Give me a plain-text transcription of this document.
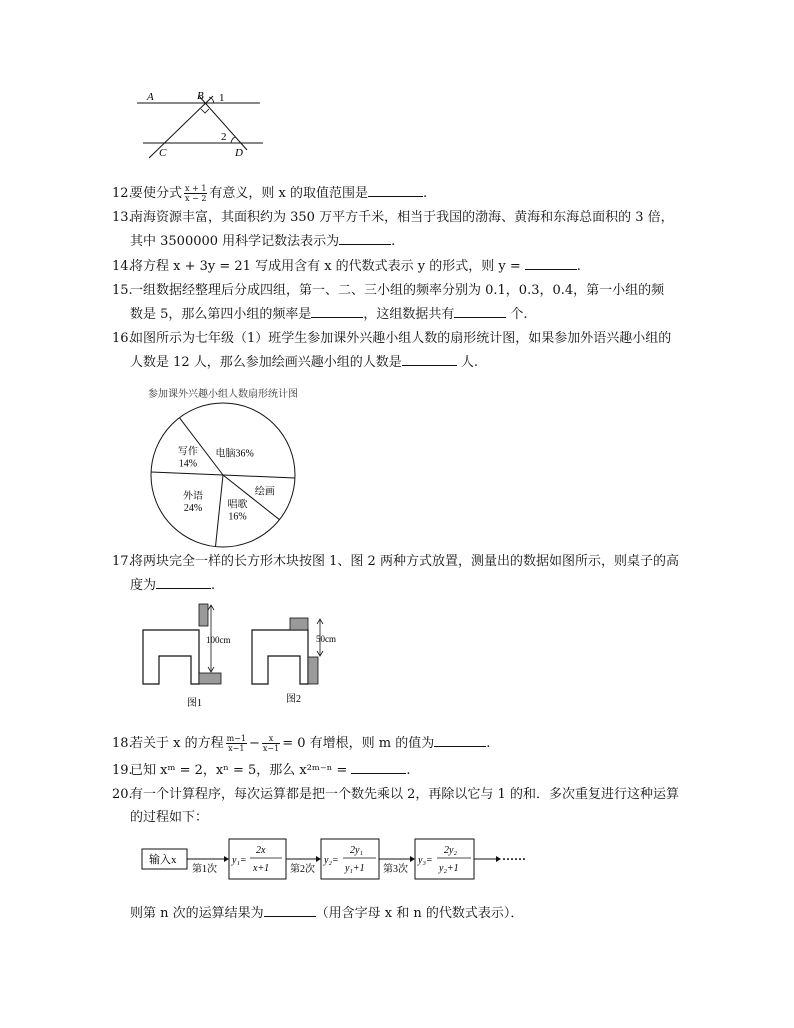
A	B 1
2
C	D
12.要使分式 $\frac{x + 1}{x - 2}$ 有意义，则 x 的取值范围是	.
13.南海资源丰富，其面积约为 350 万平方千米，相当于我国的渤海、黄海和东海总面积的 3 倍，
其中 3500000 用科学记数法表示为	.
14.将方程 x + 3y = 21 写成用含有 x 的代数式表示 y 的形式，则 y =	.
15.一组数据经整理后分成四组，第一、二、三小组的频率分别为 0.1，0.3，0.4，第一小组的频
数是 5，那么第四小组的频率是	，这组数据共有	个.
16.如图所示为七年级（1）班学生参加课外兴趣小组人数的扇形统计图，如果参加外语兴趣小组的
人数是 12 人，那么参加绘画兴趣小组的人数是	人.
参加课外兴趣小组人数扇形统计图
电脑36%
绘画
唱歌
16%
外语
24%
写作
14%
17.将两块完全一样的长方形木块按图 1、图 2 两种方式放置，测量出的数据如图所示，则桌子的高
度为	.
100cm
图1
50cm
图2
18.若关于 x 的方程 $\frac{m-1}{x-1} - \frac{x}{x-1} = 0$ 有增根，则 m 的值为	.
19.已知 xᵐ = 2，xⁿ = 5，那么 x²ᵐ⁻ⁿ =	.
20.有一个计算程序，每次运算都是把一个数先乘以 2，再除以它与 1 的和．多次重复进行这种运算
的过程如下：
输入x
第1次
y₁=
2x
x+1 第2次
y₂=
2y₁
y₁+1 第3次
y₃=
2y₂
y₂+1
······
则第 n 次的运算结果为	（用含字母 x 和 n 的代数式表示）．
